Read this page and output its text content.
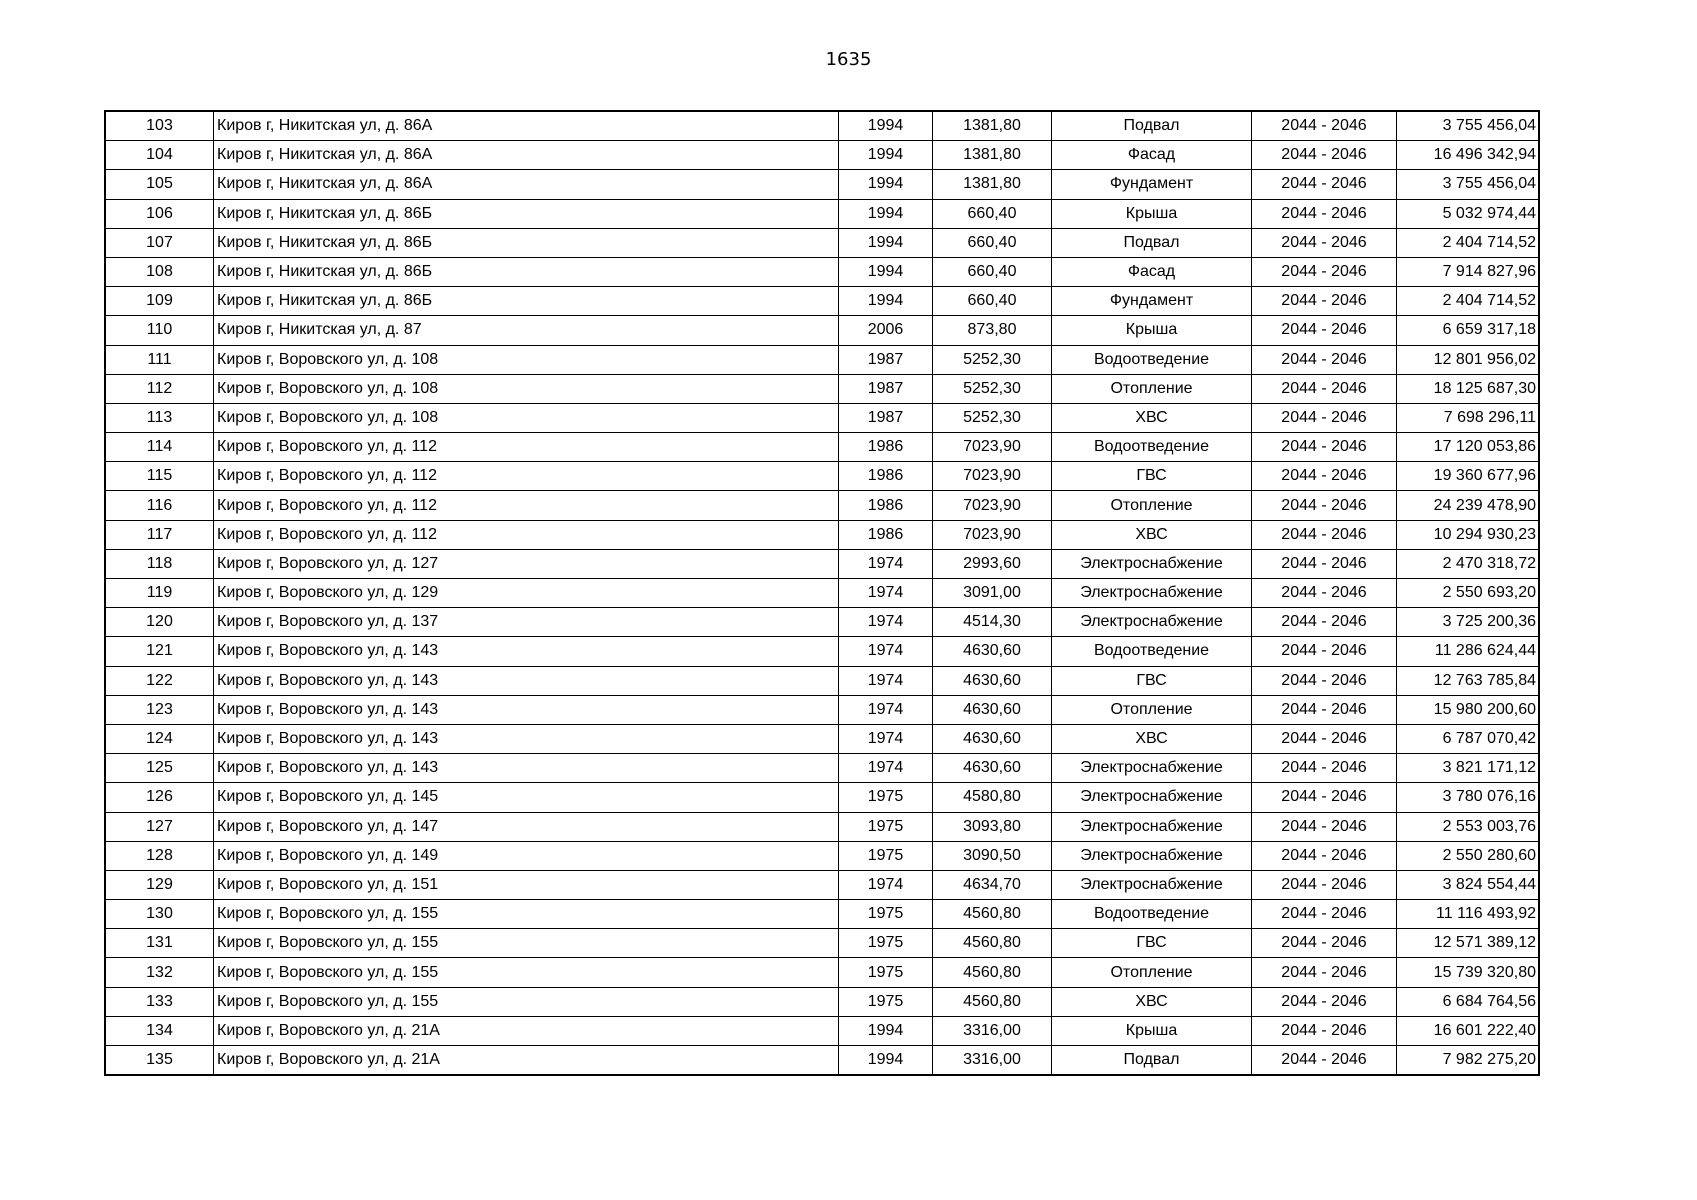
1635
103	Киров г, Никитская ул, д. 86А	1994	1381,80	Подвал	2044 - 2046	3 755 456,04
104	Киров г, Никитская ул, д. 86А	1994	1381,80	Фасад	2044 - 2046	16 496 342,94
105	Киров г, Никитская ул, д. 86А	1994	1381,80	Фундамент	2044 - 2046	3 755 456,04
106	Киров г, Никитская ул, д. 86Б	1994	660,40	Крыша	2044 - 2046	5 032 974,44
107	Киров г, Никитская ул, д. 86Б	1994	660,40	Подвал	2044 - 2046	2 404 714,52
108	Киров г, Никитская ул, д. 86Б	1994	660,40	Фасад	2044 - 2046	7 914 827,96
109	Киров г, Никитская ул, д. 86Б	1994	660,40	Фундамент	2044 - 2046	2 404 714,52
110	Киров г, Никитская ул, д. 87	2006	873,80	Крыша	2044 - 2046	6 659 317,18
111	Киров г, Воровского ул, д. 108	1987	5252,30	Водоотведение	2044 - 2046	12 801 956,02
112	Киров г, Воровского ул, д. 108	1987	5252,30	Отопление	2044 - 2046	18 125 687,30
113	Киров г, Воровского ул, д. 108	1987	5252,30	ХВС	2044 - 2046	7 698 296,11
114	Киров г, Воровского ул, д. 112	1986	7023,90	Водоотведение	2044 - 2046	17 120 053,86
115	Киров г, Воровского ул, д. 112	1986	7023,90	ГВС	2044 - 2046	19 360 677,96
116	Киров г, Воровского ул, д. 112	1986	7023,90	Отопление	2044 - 2046	24 239 478,90
117	Киров г, Воровского ул, д. 112	1986	7023,90	ХВС	2044 - 2046	10 294 930,23
118	Киров г, Воровского ул, д. 127	1974	2993,60	Электроснабжение	2044 - 2046	2 470 318,72
119	Киров г, Воровского ул, д. 129	1974	3091,00	Электроснабжение	2044 - 2046	2 550 693,20
120	Киров г, Воровского ул, д. 137	1974	4514,30	Электроснабжение	2044 - 2046	3 725 200,36
121	Киров г, Воровского ул, д. 143	1974	4630,60	Водоотведение	2044 - 2046	11 286 624,44
122	Киров г, Воровского ул, д. 143	1974	4630,60	ГВС	2044 - 2046	12 763 785,84
123	Киров г, Воровского ул, д. 143	1974	4630,60	Отопление	2044 - 2046	15 980 200,60
124	Киров г, Воровского ул, д. 143	1974	4630,60	ХВС	2044 - 2046	6 787 070,42
125	Киров г, Воровского ул, д. 143	1974	4630,60	Электроснабжение	2044 - 2046	3 821 171,12
126	Киров г, Воровского ул, д. 145	1975	4580,80	Электроснабжение	2044 - 2046	3 780 076,16
127	Киров г, Воровского ул, д. 147	1975	3093,80	Электроснабжение	2044 - 2046	2 553 003,76
128	Киров г, Воровского ул, д. 149	1975	3090,50	Электроснабжение	2044 - 2046	2 550 280,60
129	Киров г, Воровского ул, д. 151	1974	4634,70	Электроснабжение	2044 - 2046	3 824 554,44
130	Киров г, Воровского ул, д. 155	1975	4560,80	Водоотведение	2044 - 2046	11 116 493,92
131	Киров г, Воровского ул, д. 155	1975	4560,80	ГВС	2044 - 2046	12 571 389,12
132	Киров г, Воровского ул, д. 155	1975	4560,80	Отопление	2044 - 2046	15 739 320,80
133	Киров г, Воровского ул, д. 155	1975	4560,80	ХВС	2044 - 2046	6 684 764,56
134	Киров г, Воровского ул, д. 21А	1994	3316,00	Крыша	2044 - 2046	16 601 222,40
135	Киров г, Воровского ул, д. 21А	1994	3316,00	Подвал	2044 - 2046	7 982 275,20
